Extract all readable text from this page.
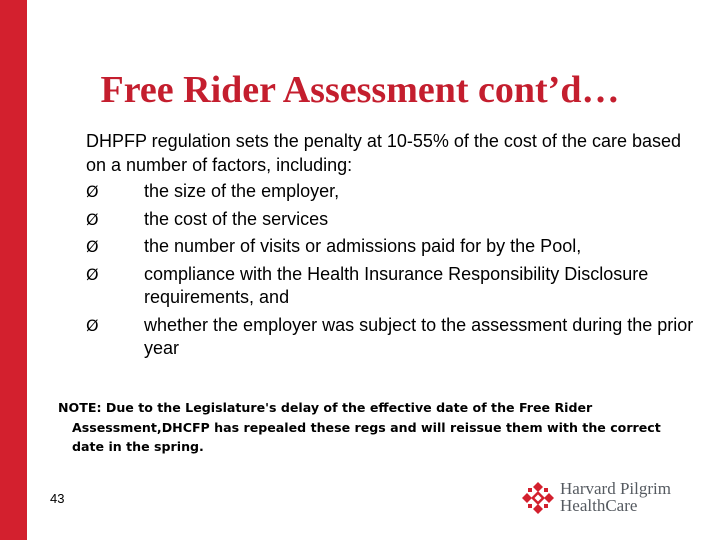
Free Rider Assessment cont’d…

DHPFP regulation sets the penalty at 10-55% of the cost of the care based on a number of factors, including:

Ø	the size of the employer,
Ø	the cost of the services
Ø	the number of visits or admissions paid for by the Pool,
Ø	compliance with the Health Insurance Responsibility Disclosure requirements, and
Ø	whether the employer was subject to the assessment during the prior year

NOTE: Due to the Legislature's delay of the effective date of the Free Rider Assessment,DHCFP has repealed these regs and will reissue them with the correct date in the spring.

43
Harvard Pilgrim
HealthCare
